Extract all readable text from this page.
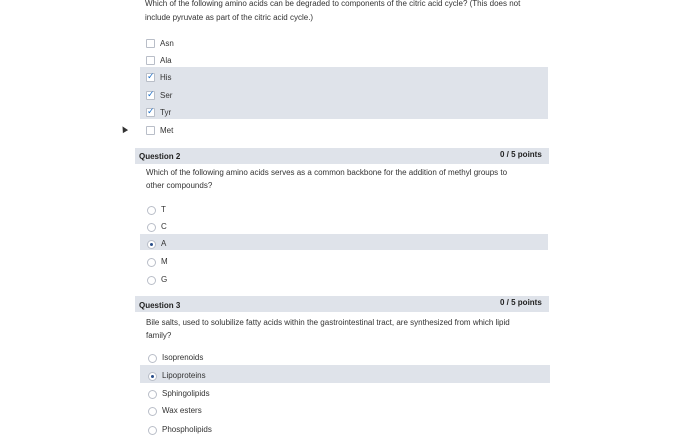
Which of the following amino acids can be degraded to components of the citric acid cycle? (This does not
include pyruvate as part of the citric acid cycle.)
Asn
Ala
✓ His
✓ Ser
✓ Tyr
Met
Question 2	0 / 5 points
Which of the following amino acids serves as a common backbone for the addition of methyl groups to
other compounds?
T
C
A
M
G
Question 3	0 / 5 points
Bile salts, used to solubilize fatty acids within the gastrointestinal tract, are synthesized from which lipid
family?
Isoprenoids
Lipoproteins
Sphingolipids
Wax esters
Phospholipids
